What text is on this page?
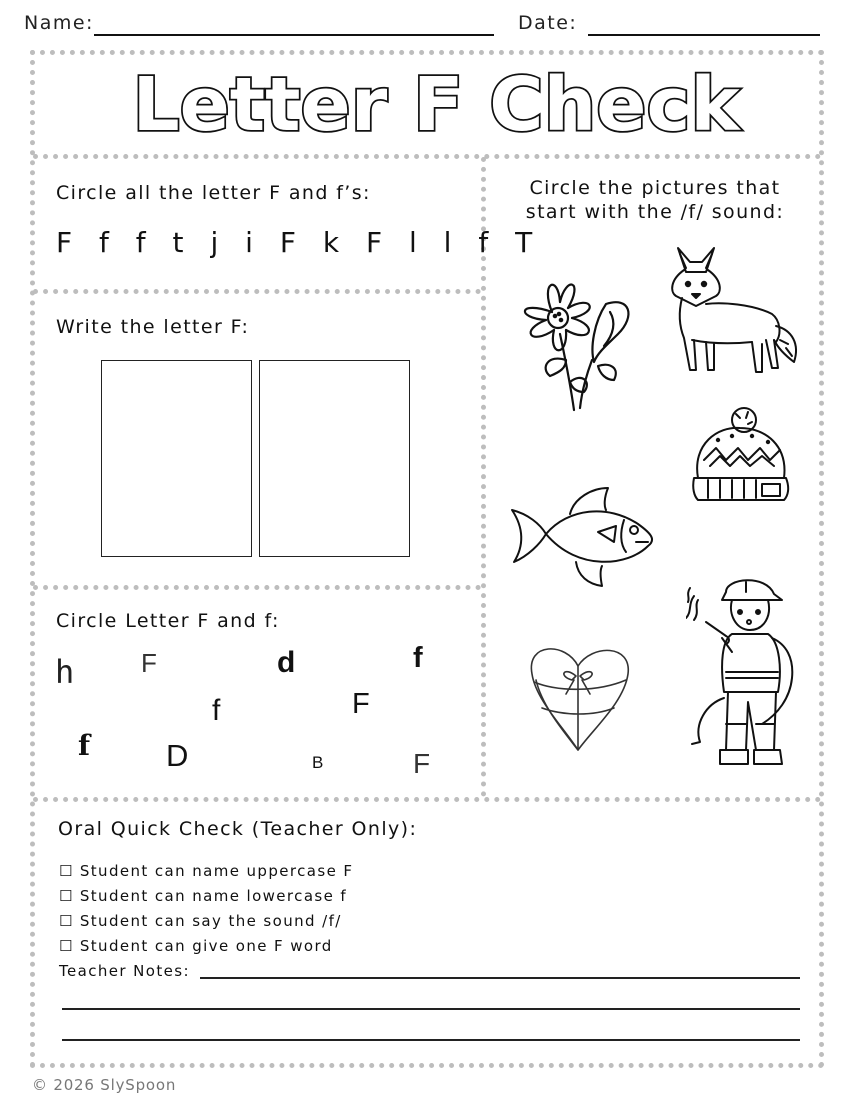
Name:	Date:
Letter F Check
Circle all the letter F and f’s:
F f f t j i F k F l l f T
Write the letter F:
Circle Letter F and f:
h	F	d	f
f	F
f D	B	F
Circle the pictures that
start with the /f/ sound:
Oral Quick Check (Teacher Only):
☐ Student can name uppercase F
☐ Student can name lowercase f
☐ Student can say the sound /f/
☐ Student can give one F word
Teacher Notes:
© 2026 SlySpoon
